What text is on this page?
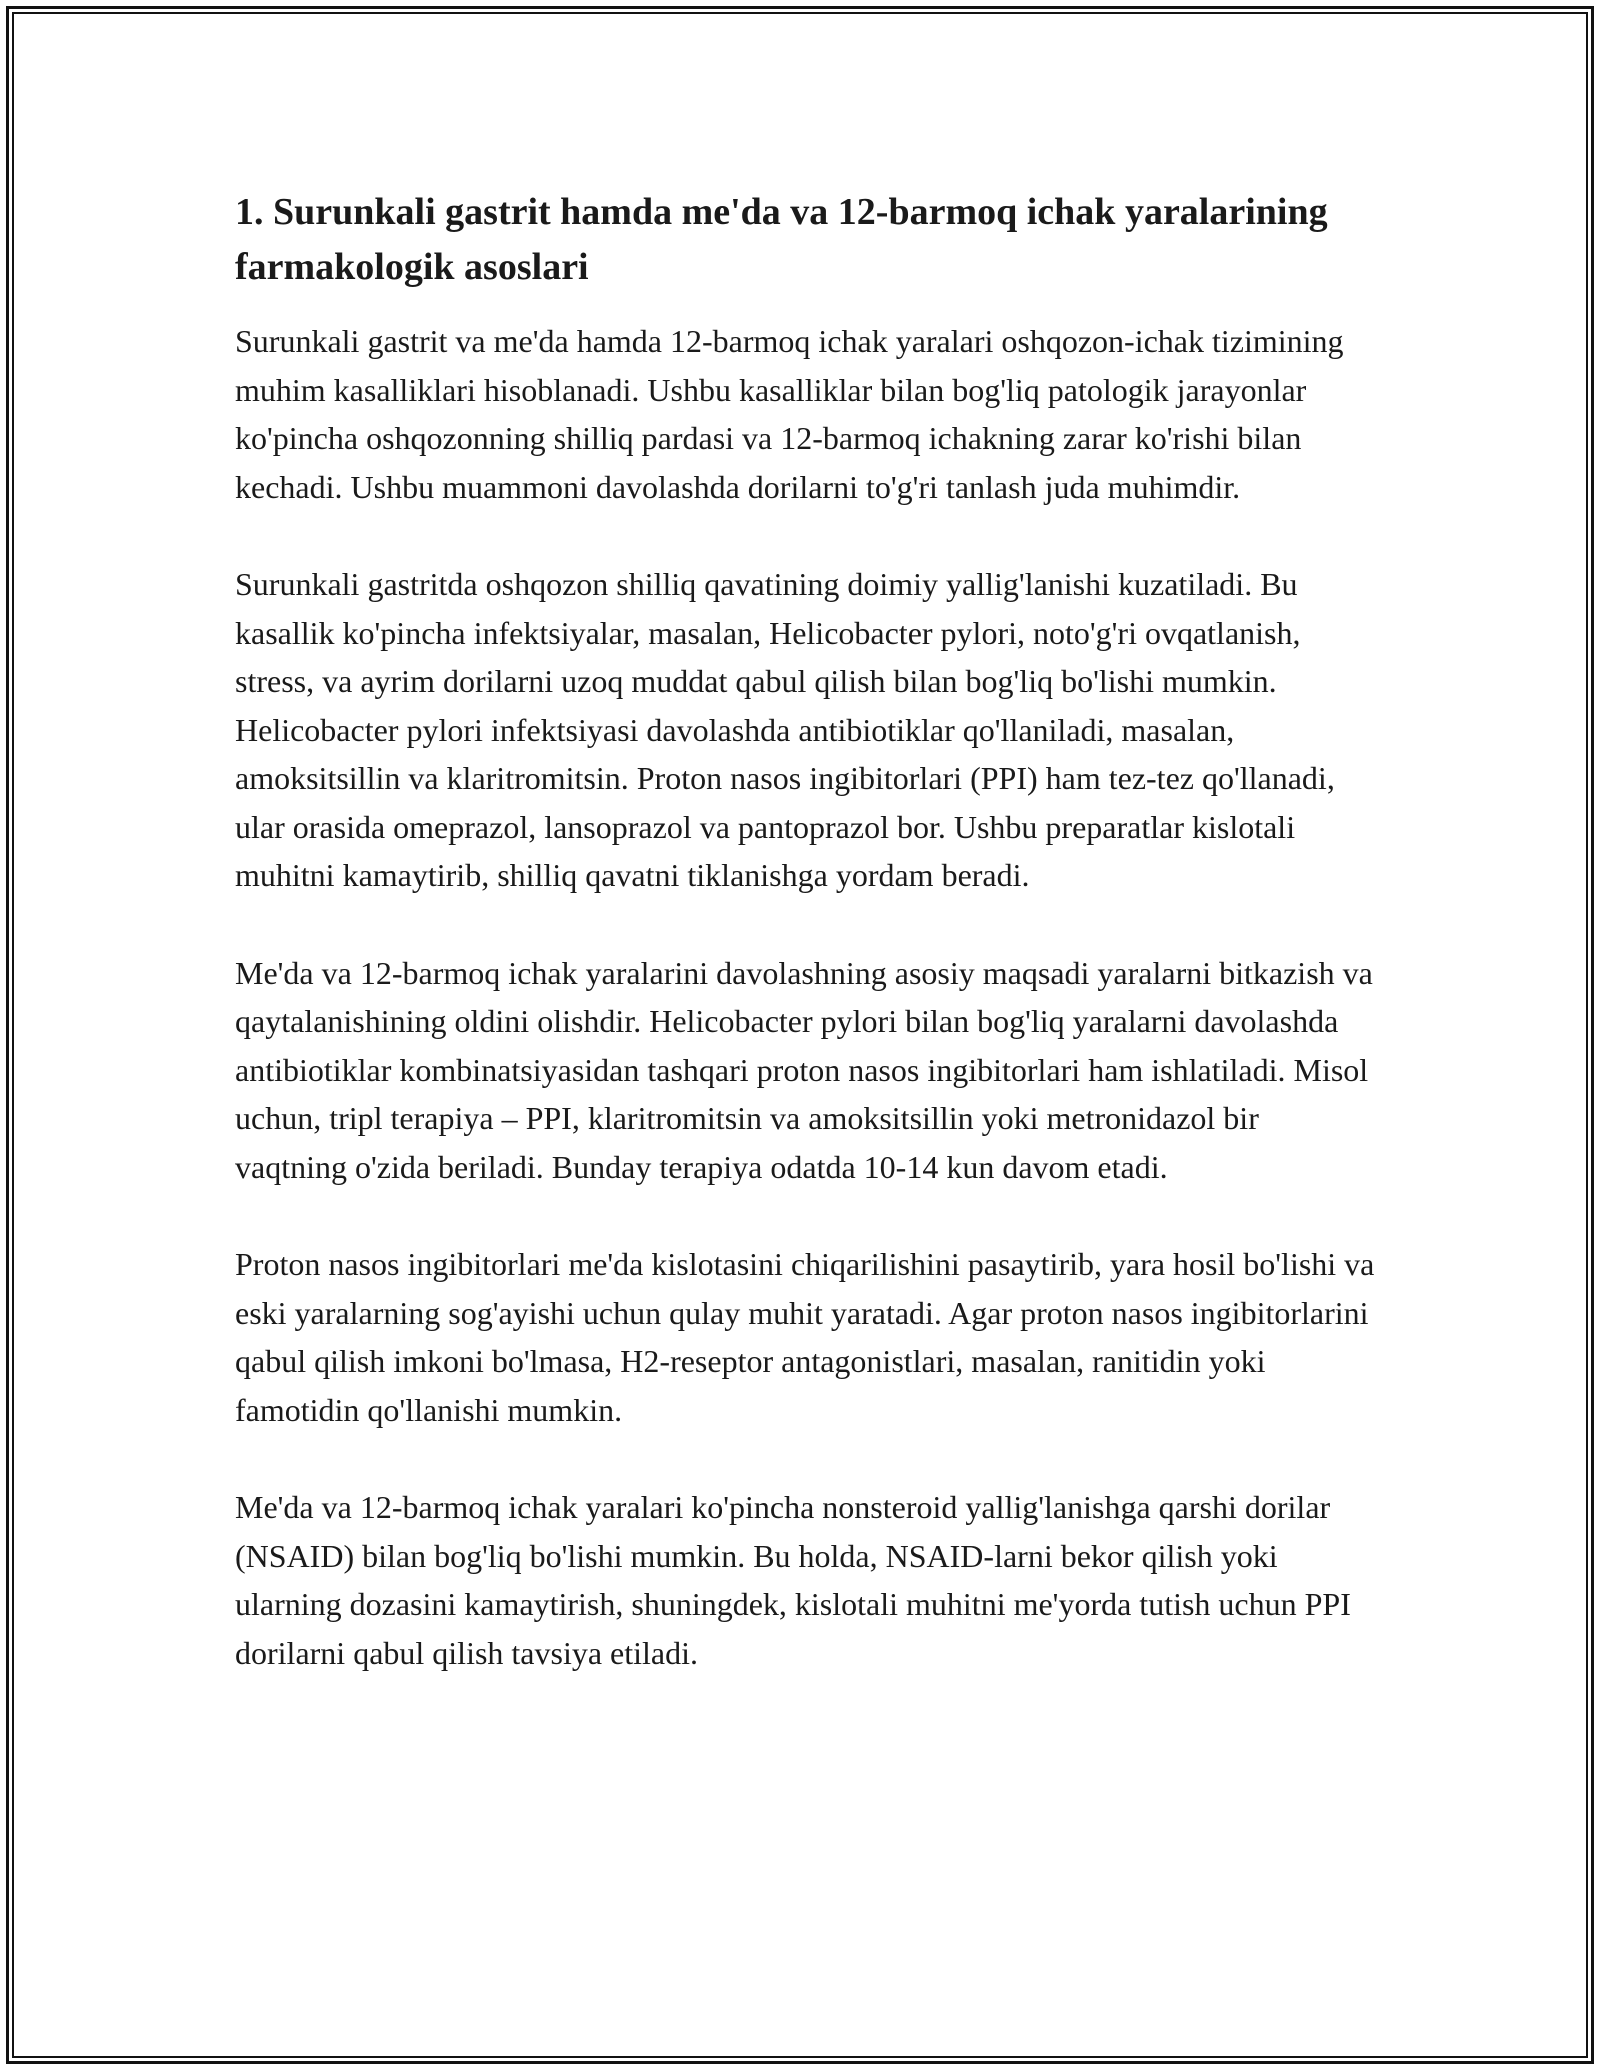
1. Surunkali gastrit hamda me'da va 12-barmoq ichak yaralarining farmakologik asoslari

Surunkali gastrit va me'da hamda 12-barmoq ichak yaralari oshqozon-ichak tizimining muhim kasalliklari hisoblanadi. Ushbu kasalliklar bilan bog'liq patologik jarayonlar ko'pincha oshqozonning shilliq pardasi va 12-barmoq ichakning zarar ko'rishi bilan kechadi. Ushbu muammoni davolashda dorilarni to'g'ri tanlash juda muhimdir.

Surunkali gastritda oshqozon shilliq qavatining doimiy yallig'lanishi kuzatiladi. Bu kasallik ko'pincha infektsiyalar, masalan, Helicobacter pylori, noto'g'ri ovqatlanish, stress, va ayrim dorilarni uzoq muddat qabul qilish bilan bog'liq bo'lishi mumkin. Helicobacter pylori infektsiyasi davolashda antibiotiklar qo'llaniladi, masalan, amoksitsillin va klaritromitsin. Proton nasos ingibitorlari (PPI) ham tez-tez qo'llanadi, ular orasida omeprazol, lansoprazol va pantoprazol bor. Ushbu preparatlar kislotali muhitni kamaytirib, shilliq qavatni tiklanishga yordam beradi.

Me'da va 12-barmoq ichak yaralarini davolashning asosiy maqsadi yaralarni bitkazish va qaytalanishining oldini olishdir. Helicobacter pylori bilan bog'liq yaralarni davolashda antibiotiklar kombinatsiyasidan tashqari proton nasos ingibitorlari ham ishlatiladi. Misol uchun, tripl terapiya – PPI, klaritromitsin va amoksitsillin yoki metronidazol bir vaqtning o'zida beriladi. Bunday terapiya odatda 10-14 kun davom etadi.

Proton nasos ingibitorlari me'da kislotasini chiqarilishini pasaytirib, yara hosil bo'lishi va eski yaralarning sog'ayishi uchun qulay muhit yaratadi. Agar proton nasos ingibitorlarini qabul qilish imkoni bo'lmasa, H2-reseptor antagonistlari, masalan, ranitidin yoki famotidin qo'llanishi mumkin.

Me'da va 12-barmoq ichak yaralari ko'pincha nonsteroid yallig'lanishga qarshi dorilar (NSAID) bilan bog'liq bo'lishi mumkin. Bu holda, NSAID-larni bekor qilish yoki ularning dozasini kamaytirish, shuningdek, kislotali muhitni me'yorda tutish uchun PPI dorilarni qabul qilish tavsiya etiladi.
